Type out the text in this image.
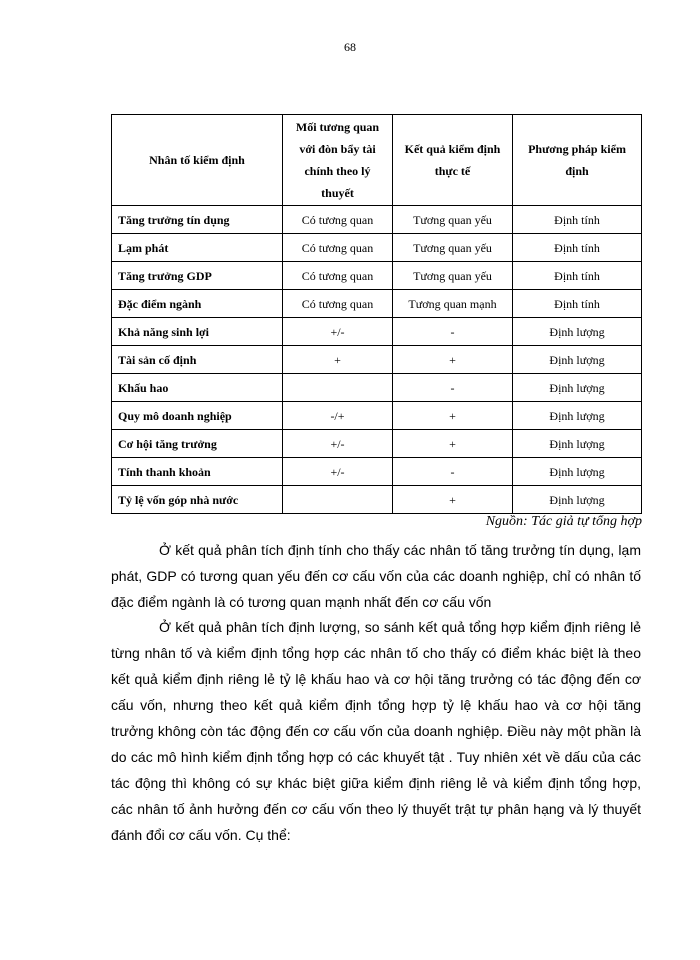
68
Nhân tố kiểm định	Mối tương quan với đòn bẩy tài chính theo lý thuyết	Kết quả kiểm định thực tế	Phương pháp kiểm định
Tăng trưởng tín dụng	Có tương quan	Tương quan yếu	Định tính
Lạm phát	Có tương quan	Tương quan yếu	Định tính
Tăng trưởng GDP	Có tương quan	Tương quan yếu	Định tính
Đặc điểm ngành	Có tương quan	Tương quan mạnh	Định tính
Khả năng sinh lợi	+/-	-	Định lượng
Tài sản cố định	+	+	Định lượng
Khấu hao		-	Định lượng
Quy mô doanh nghiệp	-/+	+	Định lượng
Cơ hội tăng trưởng	+/-	+	Định lượng
Tính thanh khoản	+/-	-	Định lượng
Tỷ lệ vốn góp nhà nước		+	Định lượng
Nguồn: Tác giả tự tổng hợp

Ở kết quả phân tích định tính cho thấy các nhân tố tăng trưởng tín dụng, lạm phát, GDP có tương quan yếu đến cơ cấu vốn của các doanh nghiệp, chỉ có nhân tố đặc điểm ngành là có tương quan mạnh nhất đến cơ cấu vốn

Ở kết quả phân tích định lượng, so sánh kết quả tổng hợp kiểm định riêng lẻ từng nhân tố và kiểm định tổng hợp các nhân tố cho thấy có điểm khác biệt là theo kết quả kiểm định riêng lẻ tỷ lệ khấu hao và cơ hội tăng trưởng có tác động đến cơ cấu vốn, nhưng theo kết quả kiểm định tổng hợp tỷ lệ khấu hao và cơ hội tăng trưởng không còn tác động đến cơ cấu vốn của doanh nghiệp. Điều này một phần là do các mô hình kiểm định tổng hợp có các khuyết tật . Tuy nhiên xét về dấu của các tác động thì không có sự khác biệt giữa kiểm định riêng lẻ và kiểm định tổng hợp, các nhân tố ảnh hưởng đến cơ cấu vốn theo lý thuyết trật tự phân hạng và lý thuyết đánh đổi cơ cấu vốn. Cụ thể:
